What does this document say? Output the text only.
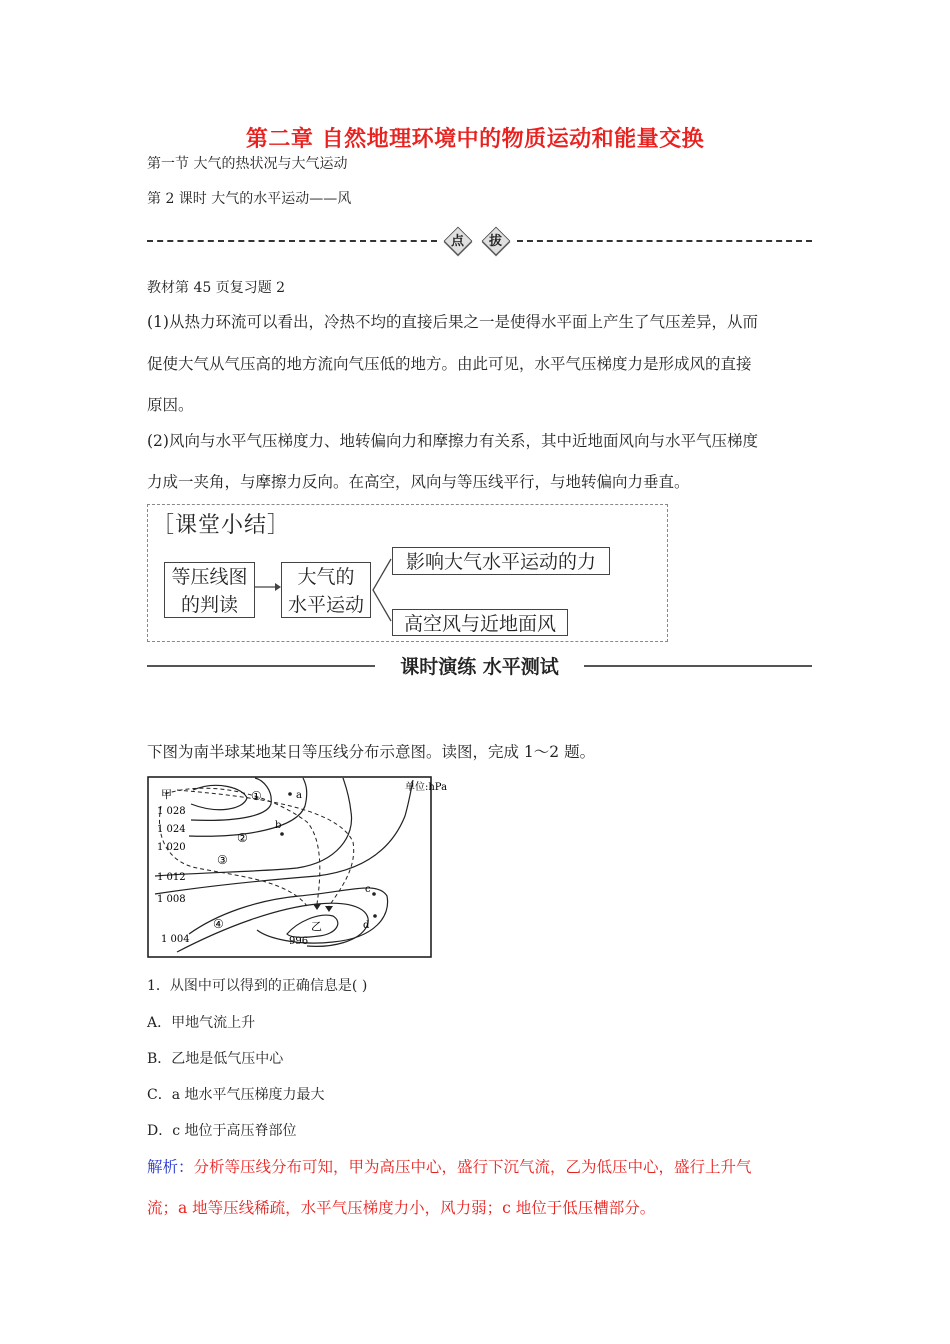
第二章 自然地理环境中的物质运动和能量交换
第一节 大气的热状况与大气运动
第 2 课时 大气的水平运动——风
点	拔
教材第 45 页复习题 2
(1)从热力环流可以看出，冷热不均的直接后果之一是使得水平面上产生了气压差异，从而
促使大气从气压高的地方流向气压低的地方。由此可见，水平气压梯度力是形成风的直接
原因。
(2)风向与水平气压梯度力、地转偏向力和摩擦力有关系，其中近地面风向与水平气压梯度
力成一夹角，与摩擦力反向。在高空，风向与等压线平行，与地转偏向力垂直。
［课堂小结］
等压线图
的判读
大气的
水平运动
影响大气水平运动的力
高空风与近地面风
课时演练 水平测试
下图为南半球某地某日等压线分布示意图。读图，完成 1～2 题。
单位:hPa
甲
1 028
1 024
1 020
1 012
1 008
1 004	996
乙
①
②
③
④
a
b
c
d
1．从图中可以得到的正确信息是( )
A．甲地气流上升
B．乙地是低气压中心
C．a 地水平气压梯度力最大
D．c 地位于高压脊部位
解析：分析等压线分布可知，甲为高压中心，盛行下沉气流，乙为低压中心，盛行上升气
流；a 地等压线稀疏，水平气压梯度力小，风力弱；c 地位于低压槽部分。
